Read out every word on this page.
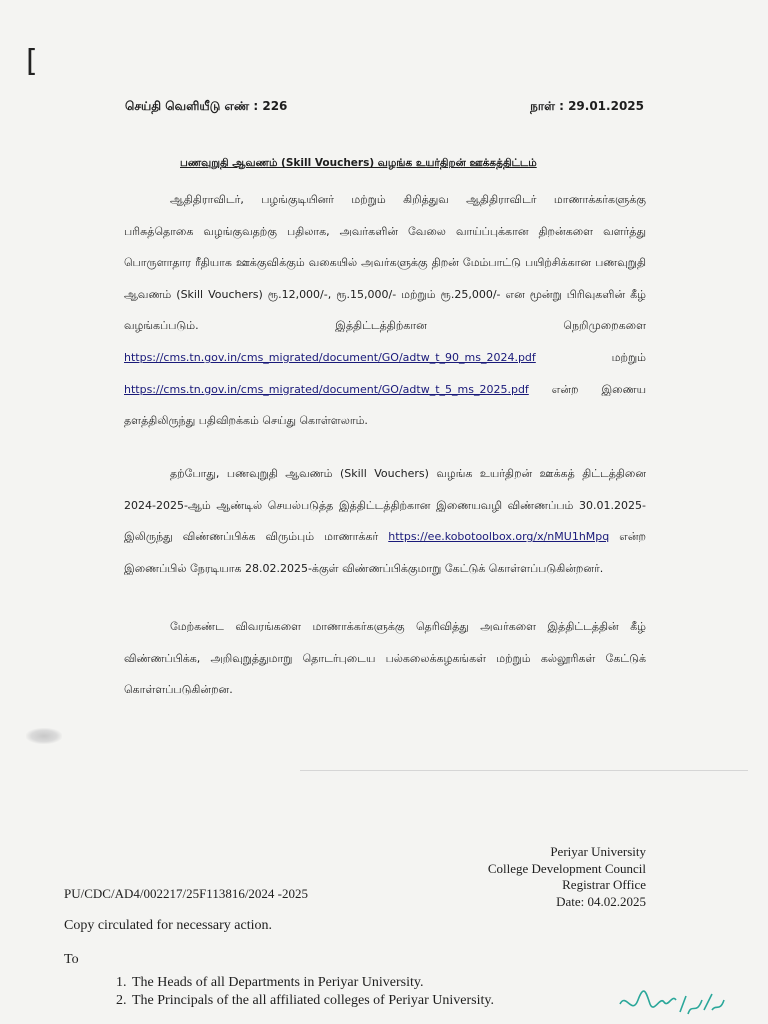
[
செய்தி வெளியீடு எண் : 226	நாள் : 29.01.2025
பணவுறுதி ஆவணம் (Skill Vouchers) வழங்க உயர்திறன் ஊக்கத்திட்டம்
ஆதிதிராவிடர், பழங்குடியினர் மற்றும் கிறித்துவ ஆதிதிராவிடர் மாணாக்கர்களுக்கு பரிசுத்தொகை வழங்குவதற்கு பதிலாக, அவர்களின் வேலை வாய்ப்புக்கான திறன்களை வளர்த்து பொருளாதார ரீதியாக ஊக்குவிக்கும் வகையில் அவர்களுக்கு திறன் மேம்பாட்டு பயிற்சிக்கான பணவுறுதி ஆவணம் (Skill Vouchers) ரூ.12,000/-, ரூ.15,000/- மற்றும் ரூ.25,000/- என மூன்று பிரிவுகளின் கீழ் வழங்கப்படும். இத்திட்டத்திற்கான நெறிமுறைகளை https://cms.tn.gov.in/cms_migrated/document/GO/adtw_t_90_ms_2024.pdf	மற்றும் https://cms.tn.gov.in/cms_migrated/document/GO/adtw_t_5_ms_2025.pdf என்ற இணைய தளத்திலிருந்து பதிவிறக்கம் செய்து கொள்ளலாம்.
தற்போது, பணவுறுதி ஆவணம் (Skill Vouchers) வழங்க உயர்திறன் ஊக்கத் திட்டத்தினை 2024-2025-ஆம் ஆண்டில் செயல்படுத்த இத்திட்டத்திற்கான இணையவழி விண்ணப்பம் 30.01.2025-இலிருந்து விண்ணப்பிக்க விரும்பும் மாணாக்கர் https://ee.kobotoolbox.org/x/nMU1hMpq என்ற இணைப்பில் நேரடியாக 28.02.2025-க்குள் விண்ணப்பிக்குமாறு கேட்டுக் கொள்ளப்படுகின்றனர்.
மேற்கண்ட விவரங்களை மாணாக்கர்களுக்கு தெரிவித்து அவர்களை இத்திட்டத்தின் கீழ் விண்ணப்பிக்க, அறிவுறுத்துமாறு தொடர்புடைய பல்கலைக்கழகங்கள் மற்றும் கல்லூரிகள் கேட்டுக் கொள்ளப்படுகின்றன.
Periyar University
College Development Council
Registrar Office
Date: 04.02.2025
PU/CDC/AD4/002217/25F113816/2024 -2025
Copy circulated for necessary action.
To
1. The Heads of all Departments in Periyar University.
2. The Principals of the all affiliated colleges of Periyar University.
